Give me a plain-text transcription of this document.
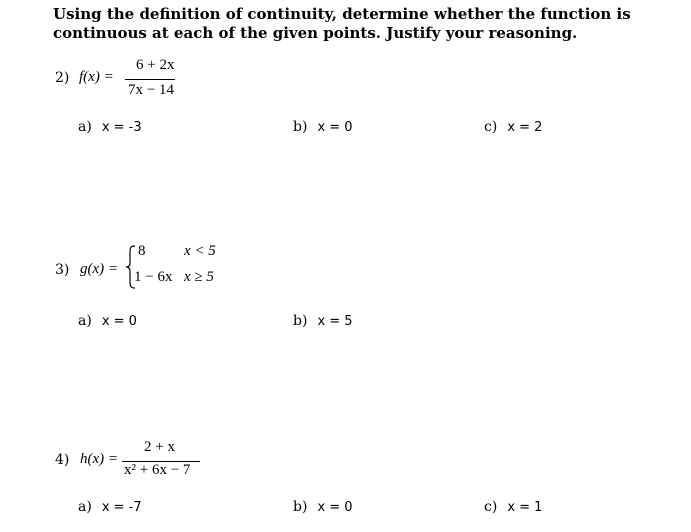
Using the definition of continuity, determine whether the function is
continuous at each of the given points. Justify your reasoning.
2) f(x) =
6 + 2x
7x − 14
a) x = -3	b) x = 0	c) x = 2
3) g(x) =
8	x < 5
1 − 6x x ≥ 5
a) x = 0	b) x = 5
4) h(x) =
2 + x
x² + 6x − 7
a) x = -7	b) x = 0	c) x = 1
